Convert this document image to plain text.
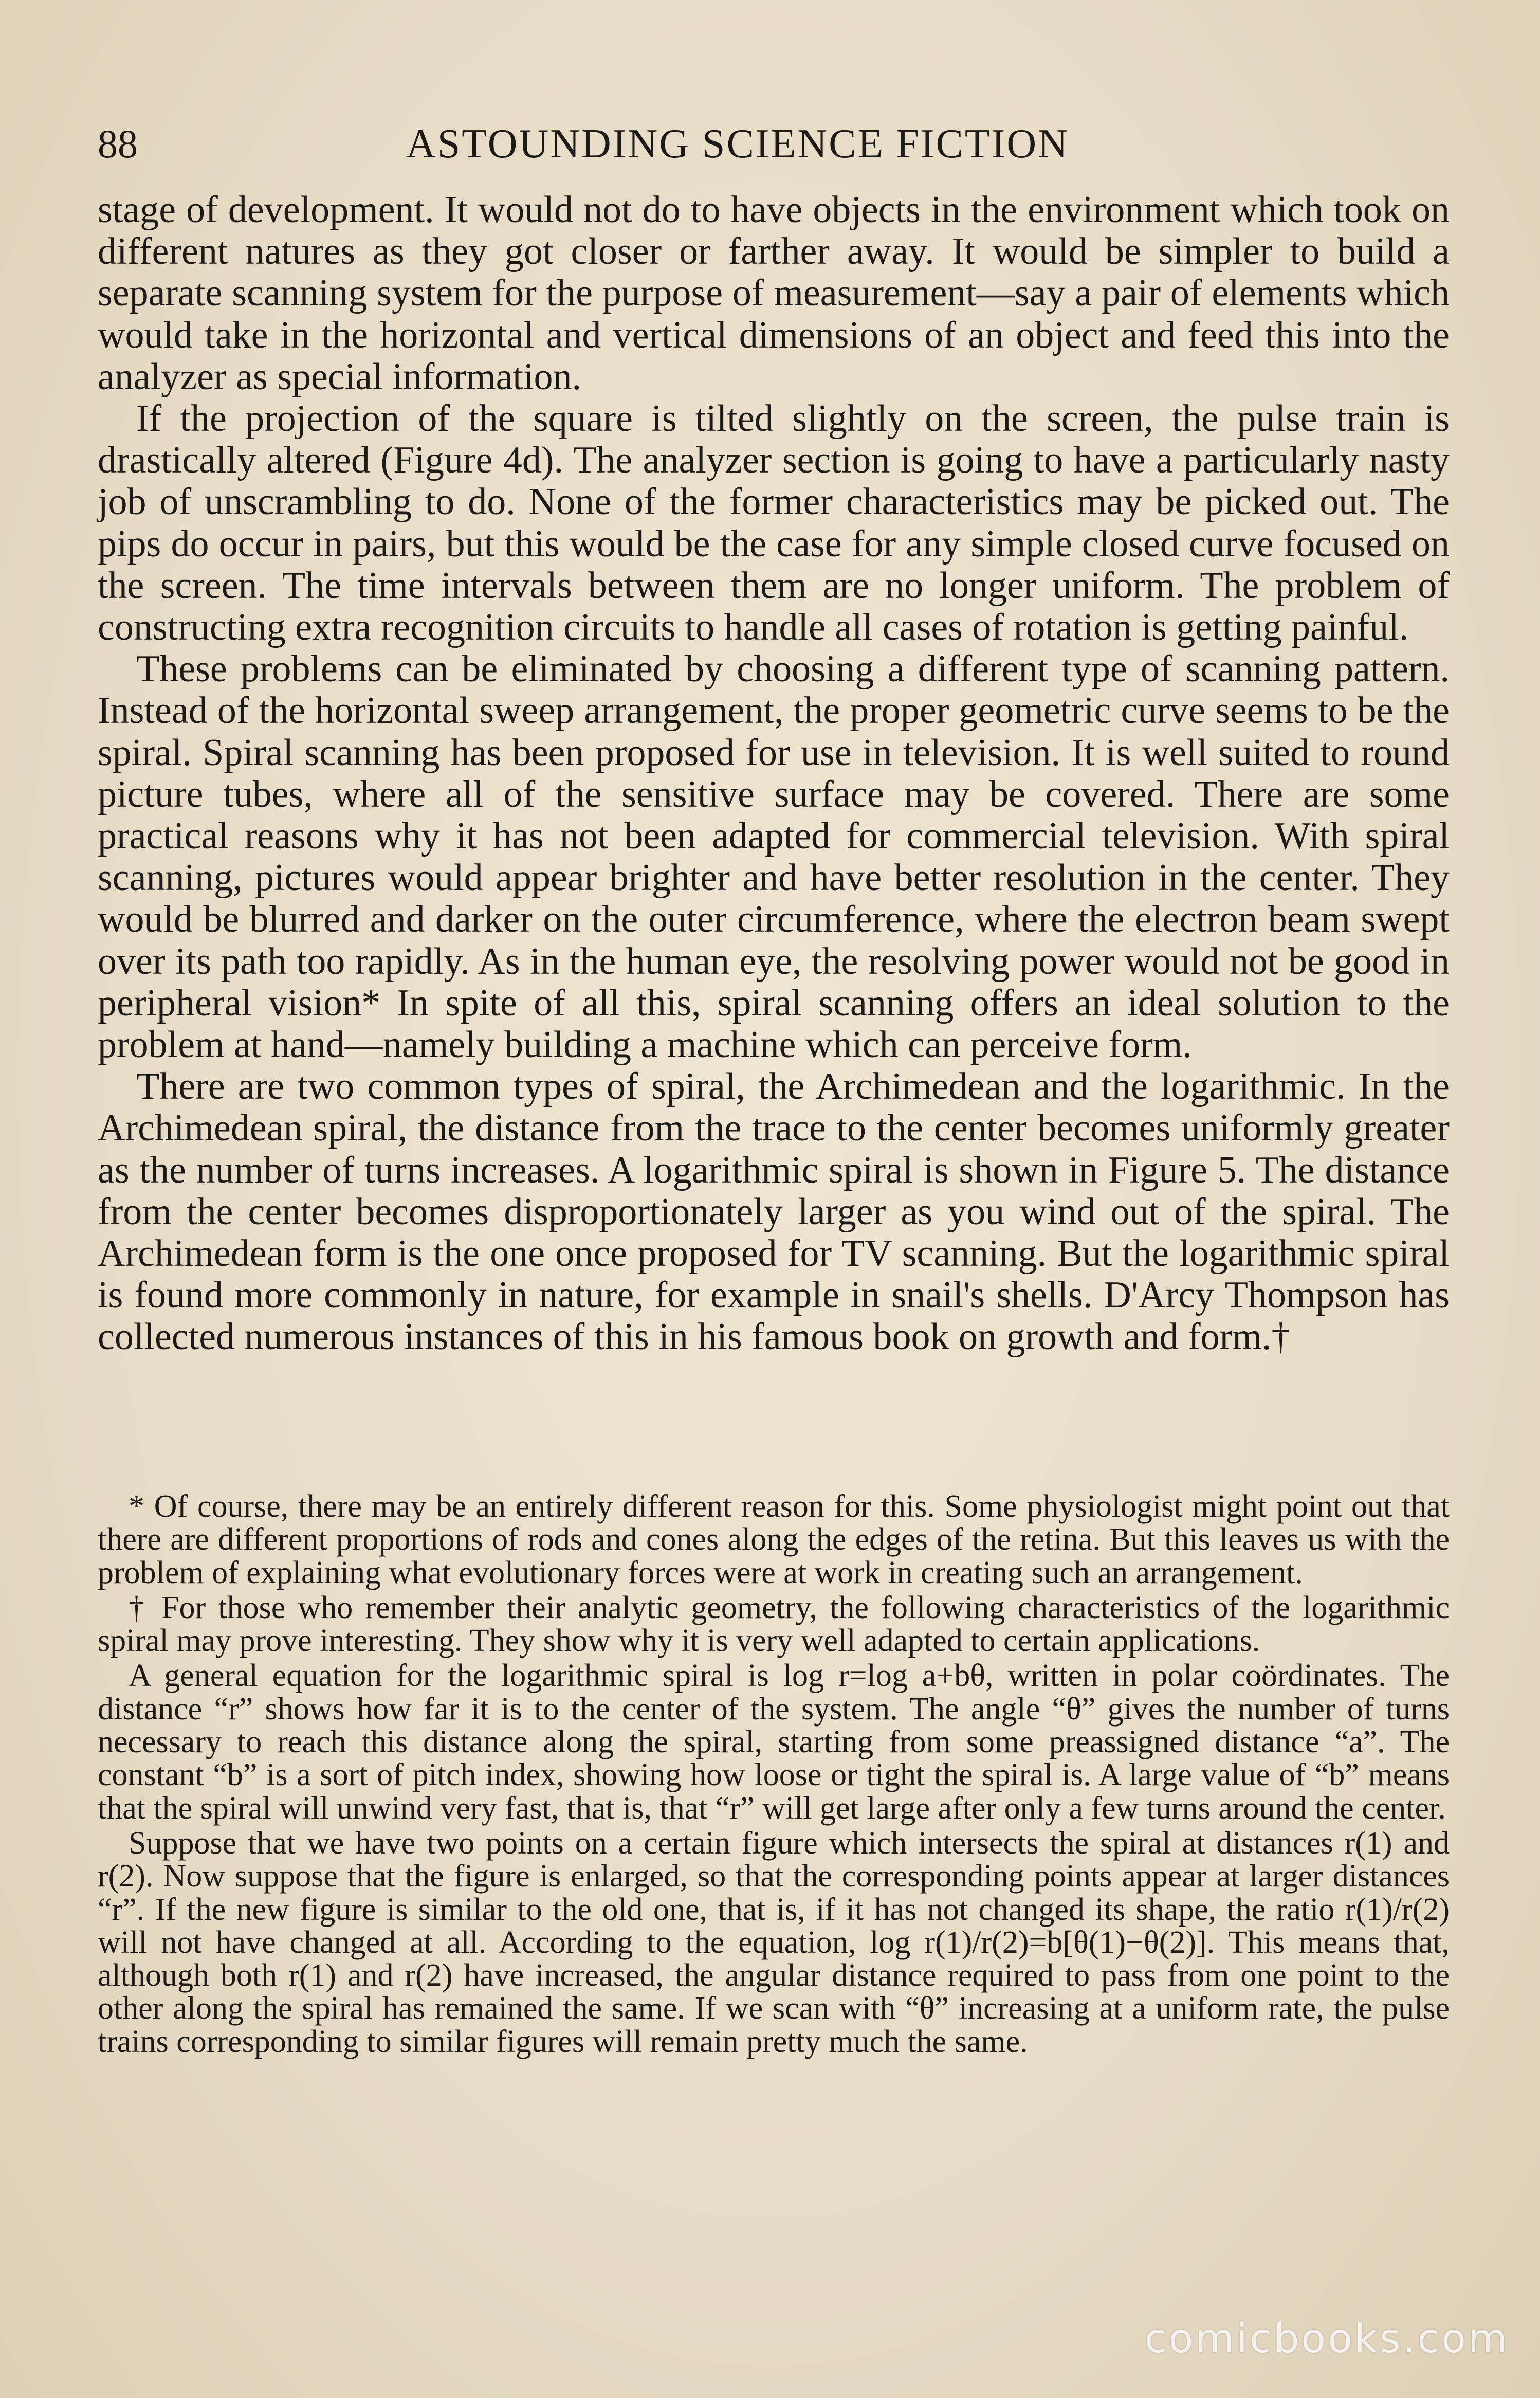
88	ASTOUNDING SCIENCE FICTION

stage of development. It would not do to have objects in the environment which took on different natures as they got closer or farther away. It would be simpler to build a separate scanning system for the purpose of measurement—say a pair of elements which would take in the horizontal and vertical dimensions of an object and feed this into the analyzer as special information.

If the projection of the square is tilted slightly on the screen, the pulse train is drastically altered (Figure 4d). The analyzer section is going to have a particularly nasty job of unscrambling to do. None of the former characteristics may be picked out. The pips do occur in pairs, but this would be the case for any simple closed curve focused on the screen. The time intervals between them are no longer uniform. The problem of constructing extra recognition circuits to handle all cases of rotation is getting painful.

These problems can be eliminated by choosing a different type of scanning pattern. Instead of the horizontal sweep arrangement, the proper geometric curve seems to be the spiral. Spiral scanning has been proposed for use in television. It is well suited to round picture tubes, where all of the sensitive surface may be covered. There are some practical reasons why it has not been adapted for commercial television. With spiral scanning, pictures would appear brighter and have better resolution in the center. They would be blurred and darker on the outer circumference, where the electron beam swept over its path too rapidly. As in the human eye, the resolving power would not be good in peripheral vision* In spite of all this, spiral scanning offers an ideal solution to the problem at hand—namely building a machine which can perceive form.

There are two common types of spiral, the Archimedean and the logarithmic. In the Archimedean spiral, the distance from the trace to the center becomes uniformly greater as the number of turns increases. A logarithmic spiral is shown in Figure 5. The distance from the center becomes disproportionately larger as you wind out of the spiral. The Archimedean form is the one once proposed for TV scanning. But the logarithmic spiral is found more commonly in nature, for example in snail's shells. D'Arcy Thompson has collected numerous instances of this in his famous book on growth and form.†

* Of course, there may be an entirely different reason for this. Some physiologist might point out that there are different proportions of rods and cones along the edges of the retina. But this leaves us with the problem of explaining what evolutionary forces were at work in creating such an arrangement.

† For those who remember their analytic geometry, the following characteristics of the logarithmic spiral may prove interesting. They show why it is very well adapted to certain applications.

A general equation for the logarithmic spiral is log r=log a+bθ, written in polar coördinates. The distance “r” shows how far it is to the center of the system. The angle “θ” gives the number of turns necessary to reach this distance along the spiral, starting from some preassigned distance “a”. The constant “b” is a sort of pitch index, showing how loose or tight the spiral is. A large value of “b” means that the spiral will unwind very fast, that is, that “r” will get large after only a few turns around the center.

Suppose that we have two points on a certain figure which intersects the spiral at distances r(1) and r(2). Now suppose that the figure is enlarged, so that the corresponding points appear at larger distances “r”. If the new figure is similar to the old one, that is, if it has not changed its shape, the ratio r(1)/r(2) will not have changed at all. According to the equation, log r(1)/r(2)=b[θ(1)−θ(2)]. This means that, although both r(1) and r(2) have increased, the angular distance required to pass from one point to the other along the spiral has remained the same. If we scan with “θ” increasing at a uniform rate, the pulse trains corresponding to similar figures will remain pretty much the same.

comicbooks.com
